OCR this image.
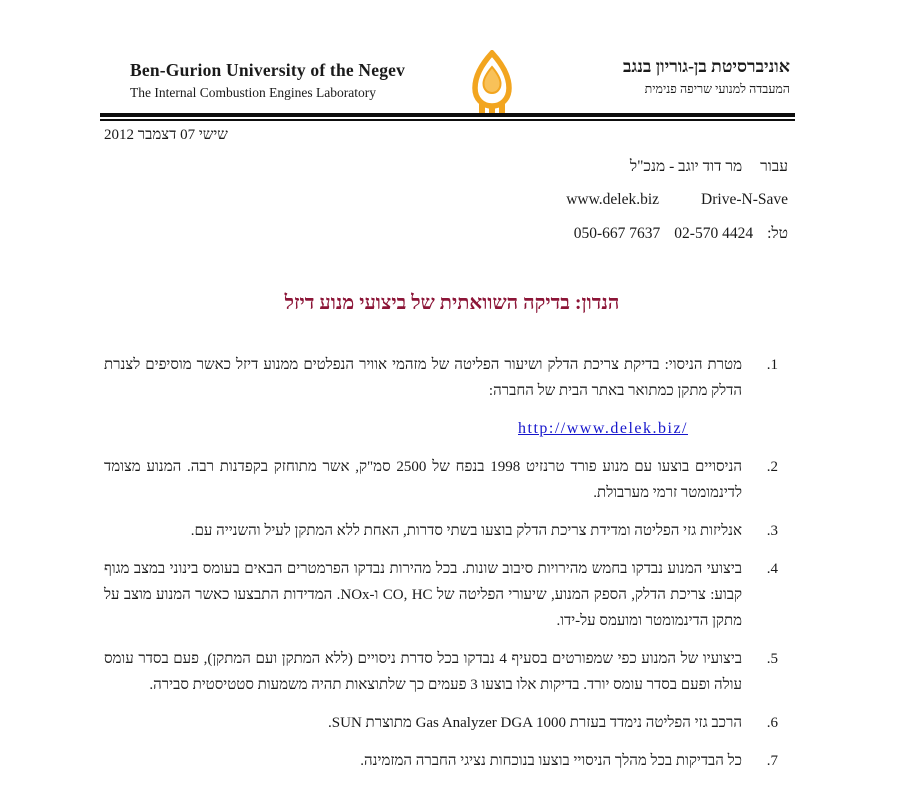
Ben-Gurion University of the Negev
The Internal Combustion Engines Laboratory
אוניברסיטת בן-גוריון בנגב
המעבדה למנועי שריפה פנימית
שישי 07 דצמבר 2012
עבורמר דוד יוגב - מנכ"ל
www.delek.biz	Drive-N-Save
טל:050-667 7637 02-570 4424
הנדון: בדיקה השוואתית של ביצועי מנוע דיזל
1.
מטרת הניסוי: בדיקת צריכת הדלק ושיעור הפליטה של מזהמי אוויר הנפלטים ממנוע דיזל כאשר מוסיפים לצנרת הדלק מתקן כמתואר באתר הבית של החברה:
http://www.delek.biz/
2.
הניסויים בוצעו עם מנוע פורד טרנזיט 1998 בנפח של 2500 סמ"ק, אשר מתוחזק בקפדנות רבה. המנוע מצומד לדינמומטר זרמי מערבולת.
3.
אנליזות גזי הפליטה ומדידת צריכת הדלק בוצעו בשתי סדרות, האחת ללא המתקן לעיל והשנייה עם.
4.
ביצועי המנוע נבדקו בחמש מהירויות סיבוב שונות. בכל מהירות נבדקו הפרמטרים הבאים בעומס בינוני במצב מגוף קבוע: צריכת הדלק, הספק המנוע, שיעורי הפליטה של CO, HC ו-NOx. המדידות התבצעו כאשר המנוע מוצב על מתקן הדינמומטר ומועמס על-ידו.
5.
ביצועיו של המנוע כפי שמפורטים בסעיף 4 נבדקו בכל סדרת ניסויים (ללא המתקן ועם המתקן), פעם בסדר עומס עולה ופעם בסדר עומס יורד. בדיקות אלו בוצעו 3 פעמים כך שלתוצאות תהיה משמעות סטטיסטית סבירה.
6.
הרכב גזי הפליטה נימדד בעזרת Gas Analyzer DGA 1000 מתוצרת SUN.
7.
כל הבדיקות בכל מהלך הניסויי בוצעו בנוכחות נציגי החברה המזמינה.
